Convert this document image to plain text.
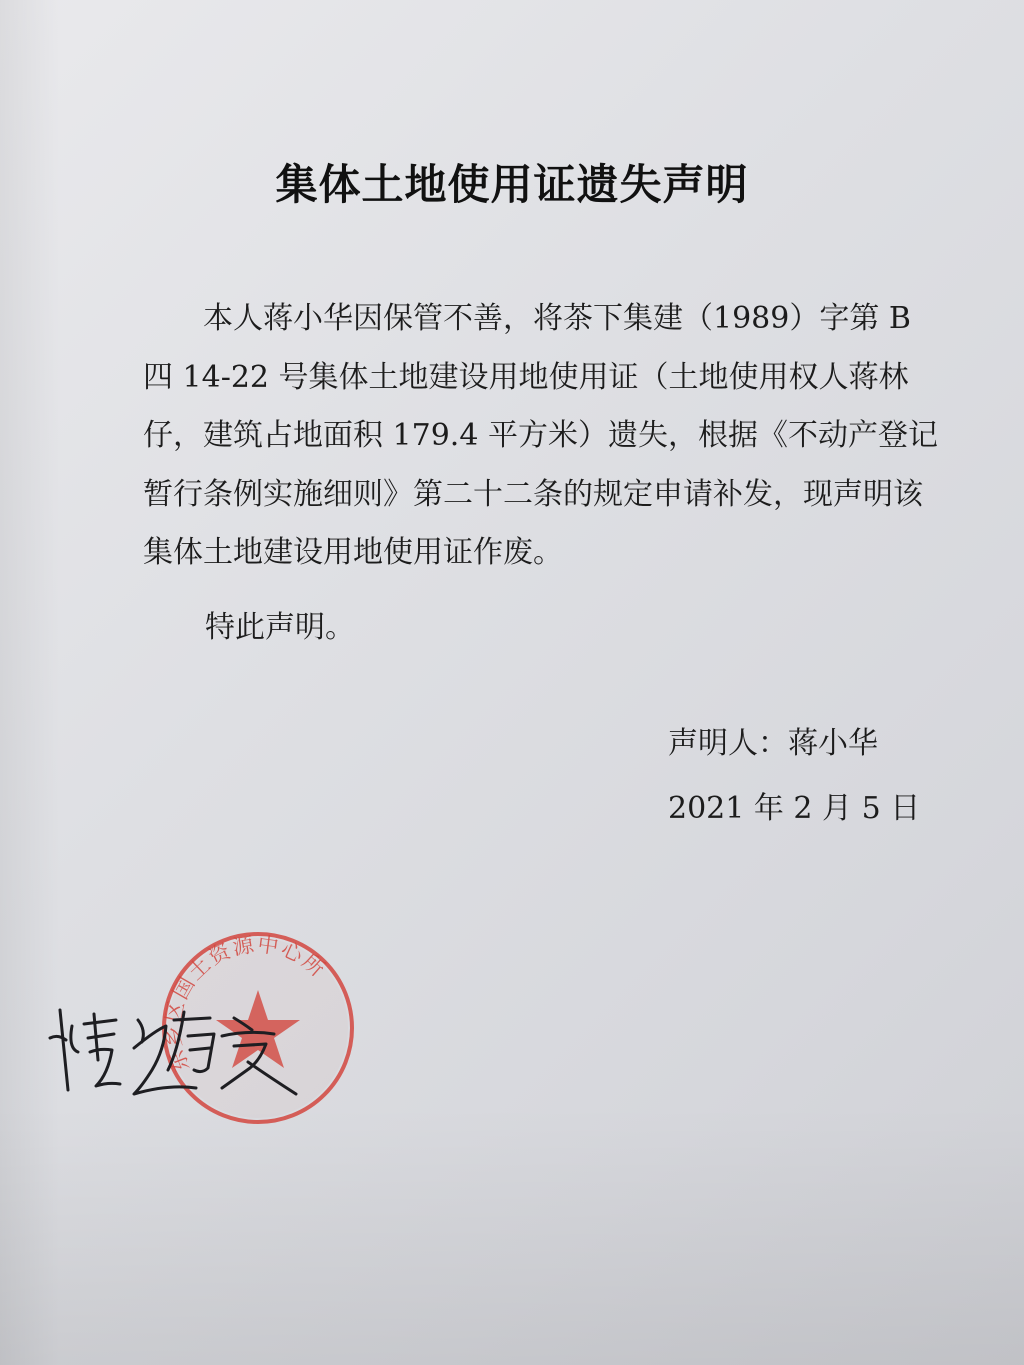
集体土地使用证遗失声明

本人蒋小华因保管不善，将茶下集建（1989）字第 B 四 14-22 号集体土地建设用地使用证（土地使用权人蒋林仔，建筑占地面积 179.4 平方米）遗失，根据《不动产登记暂行条例实施细则》第二十二条的规定申请补发，现声明该集体土地建设用地使用证作废。

特此声明。
声明人：蒋小华
2021 年 2 月 5 日
东乡区国土资源中心所
